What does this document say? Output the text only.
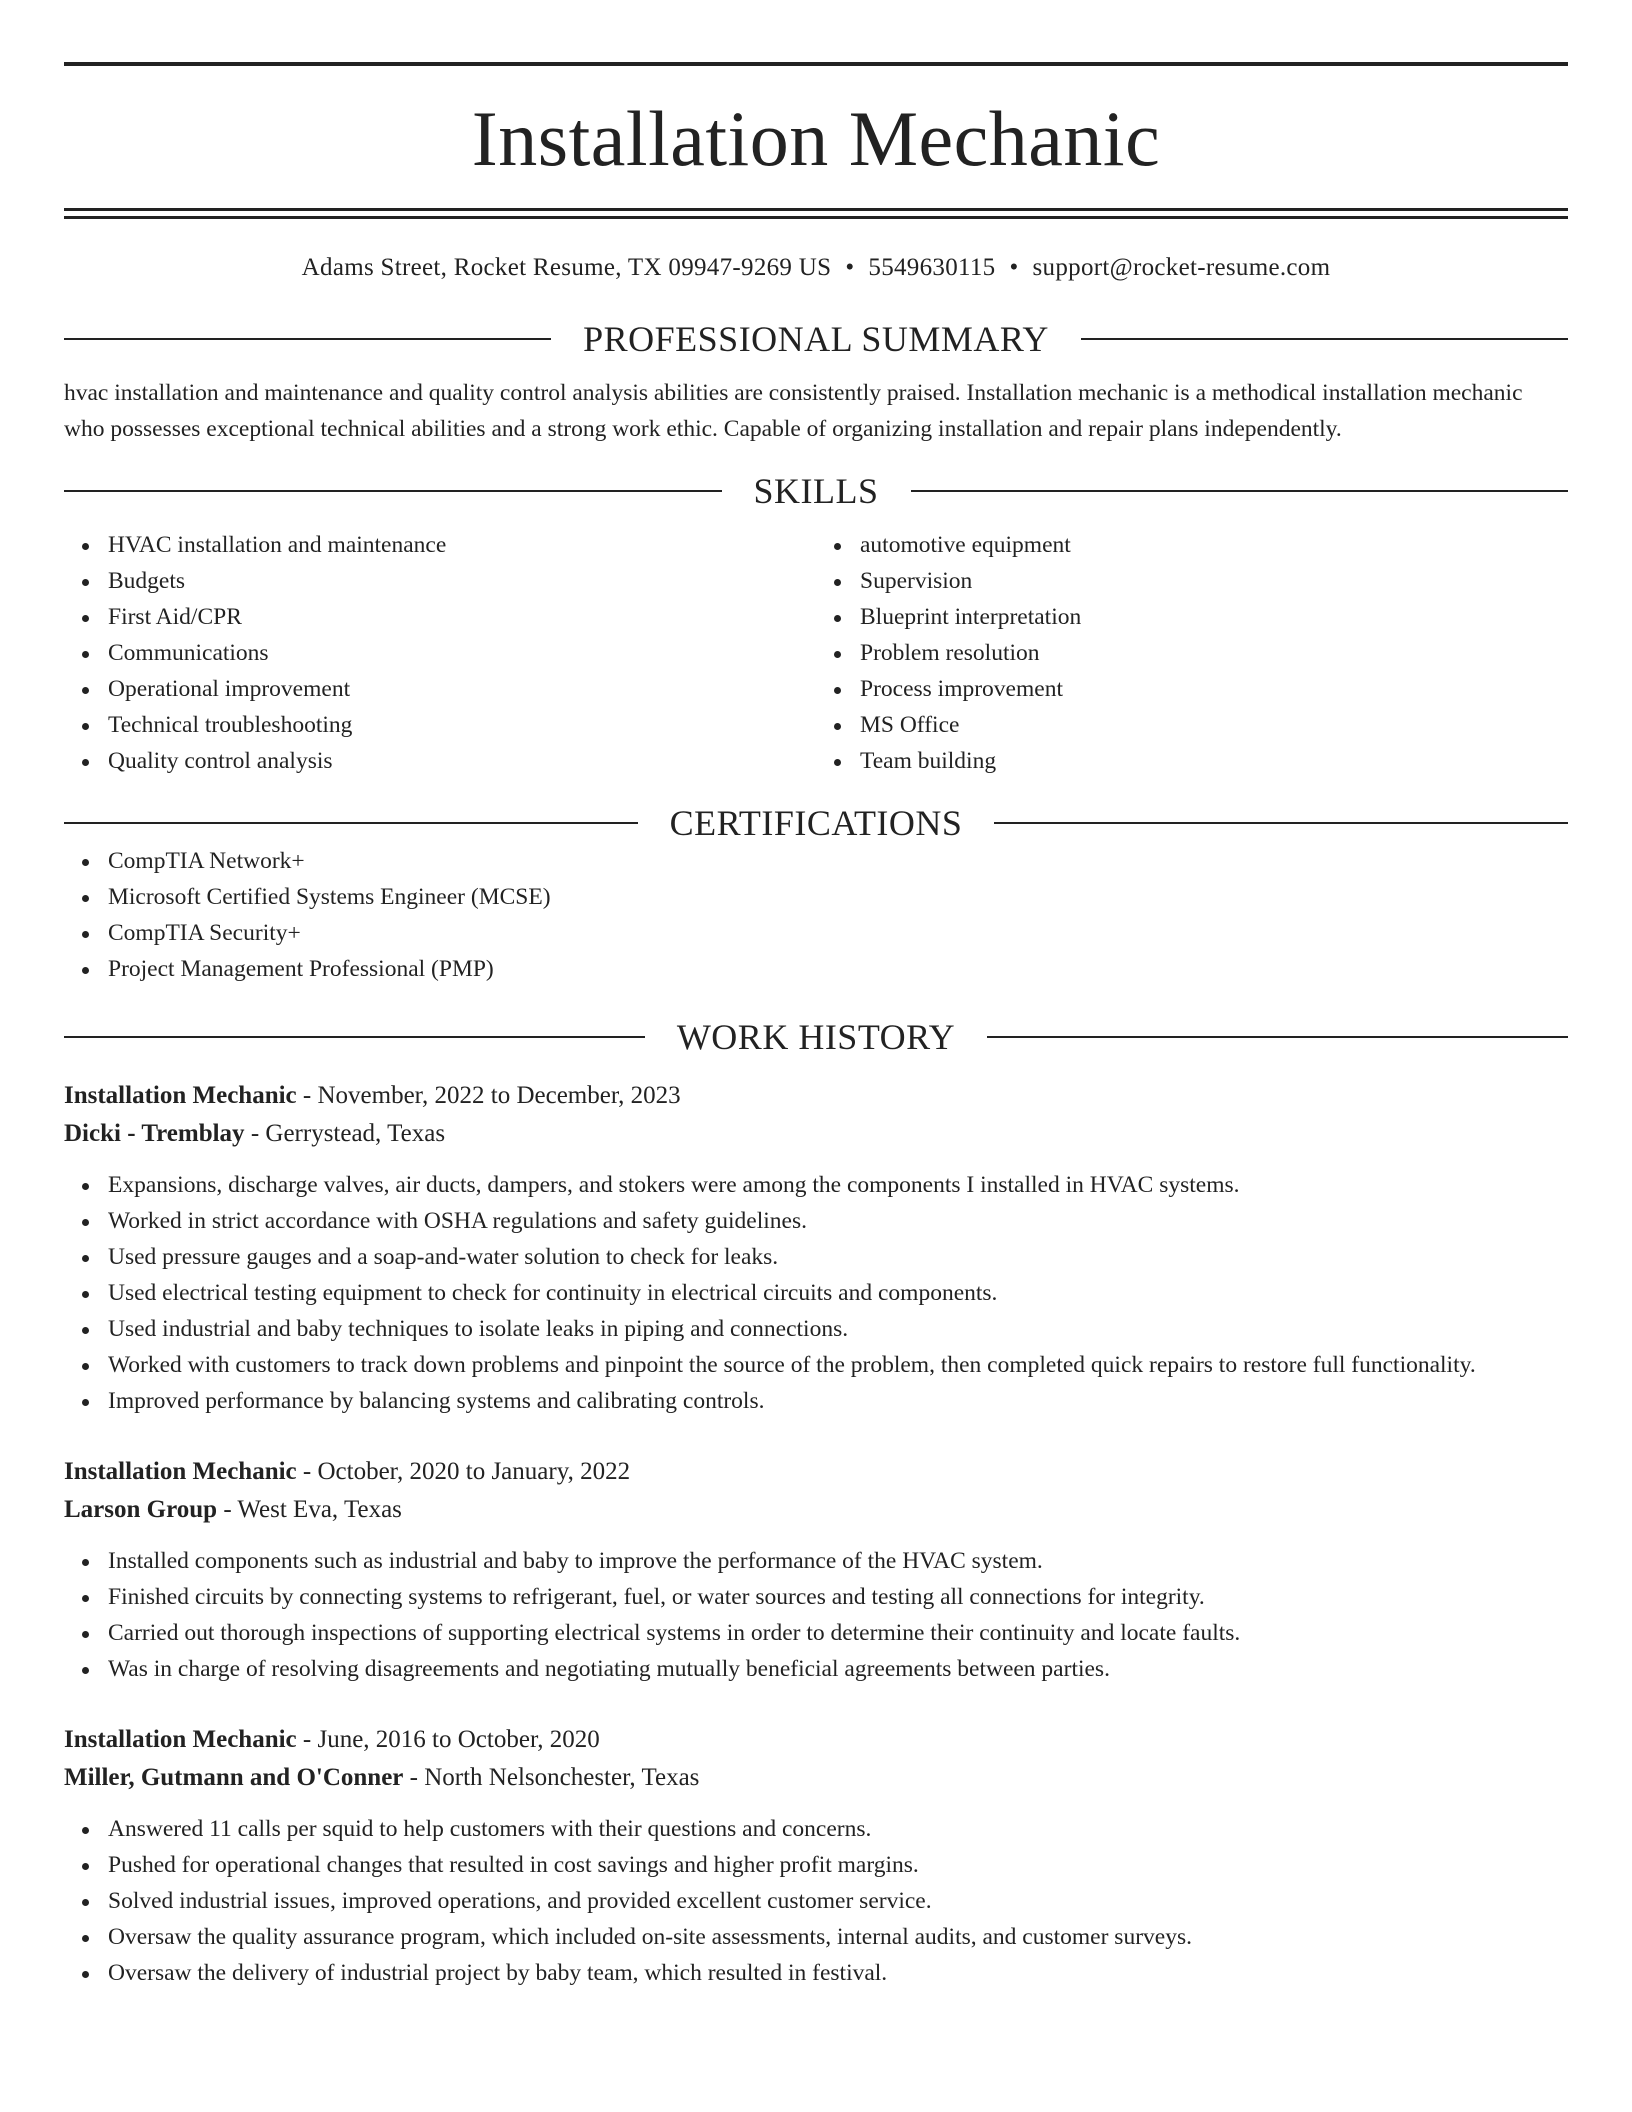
Installation Mechanic
Adams Street, Rocket Resume, TX 09947-9269 US • 5549630115 • support@rocket-resume.com
PROFESSIONAL SUMMARY

hvac installation and maintenance and quality control analysis abilities are consistently praised. Installation mechanic is a methodical installation mechanic who possesses exceptional technical abilities and a strong work ethic. Capable of organizing installation and repair plans independently.

SKILLS
HVAC installation and maintenance
Budgets
First Aid/CPR
Communications
Operational improvement
Technical troubleshooting
Quality control analysis
automotive equipment
Supervision
Blueprint interpretation
Problem resolution
Process improvement
MS Office
Team building
CERTIFICATIONS
CompTIA Network+
Microsoft Certified Systems Engineer (MCSE)
CompTIA Security+
Project Management Professional (PMP)
WORK HISTORY
Installation Mechanic - November, 2022 to December, 2023
Dicki - Tremblay - Gerrystead, Texas
Expansions, discharge valves, air ducts, dampers, and stokers were among the components I installed in HVAC systems.
Worked in strict accordance with OSHA regulations and safety guidelines.
Used pressure gauges and a soap-and-water solution to check for leaks.
Used electrical testing equipment to check for continuity in electrical circuits and components.
Used industrial and baby techniques to isolate leaks in piping and connections.
Worked with customers to track down problems and pinpoint the source of the problem, then completed quick repairs to restore full functionality.
Improved performance by balancing systems and calibrating controls.
Installation Mechanic - October, 2020 to January, 2022
Larson Group - West Eva, Texas
Installed components such as industrial and baby to improve the performance of the HVAC system.
Finished circuits by connecting systems to refrigerant, fuel, or water sources and testing all connections for integrity.
Carried out thorough inspections of supporting electrical systems in order to determine their continuity and locate faults.
Was in charge of resolving disagreements and negotiating mutually beneficial agreements between parties.
Installation Mechanic - June, 2016 to October, 2020
Miller, Gutmann and O'Conner - North Nelsonchester, Texas
Answered 11 calls per squid to help customers with their questions and concerns.
Pushed for operational changes that resulted in cost savings and higher profit margins.
Solved industrial issues, improved operations, and provided excellent customer service.
Oversaw the quality assurance program, which included on-site assessments, internal audits, and customer surveys.
Oversaw the delivery of industrial project by baby team, which resulted in festival.
